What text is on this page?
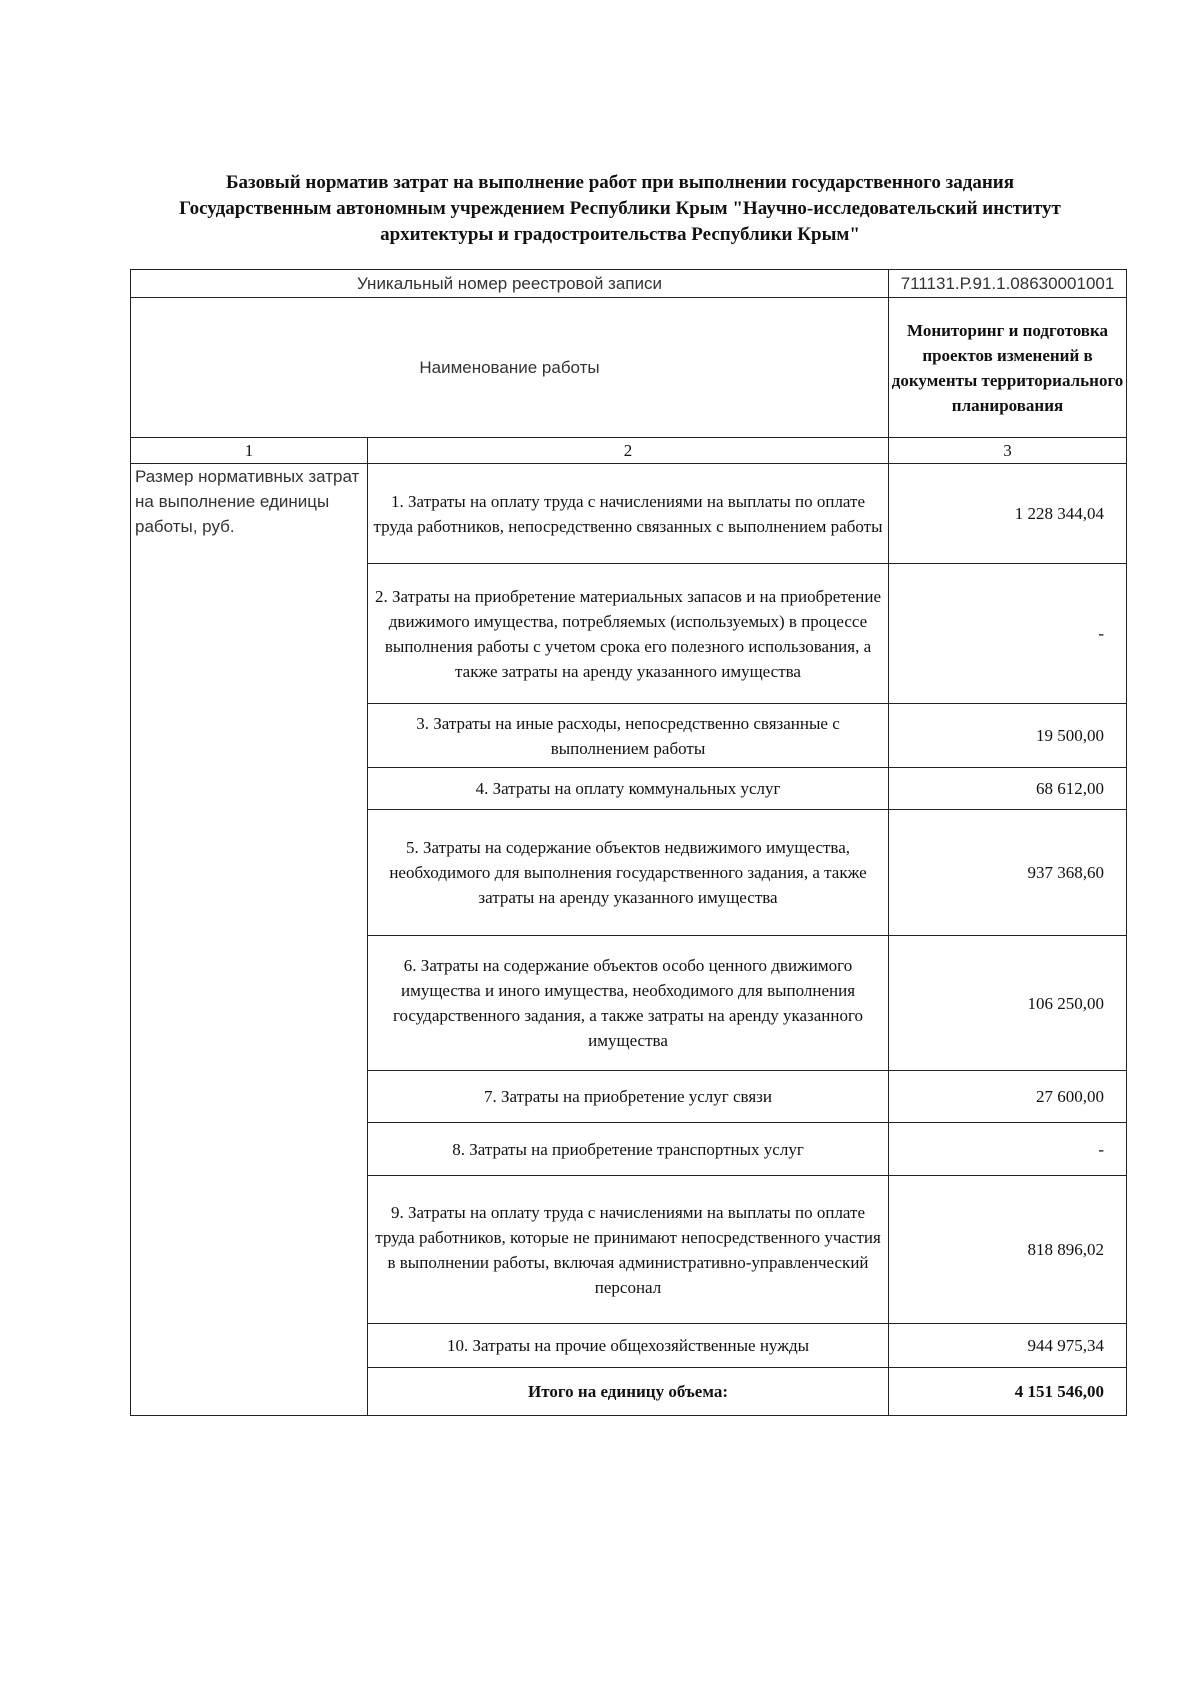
Базовый норматив затрат на выполнение работ при выполнении государственного задания
Государственным автономным учреждением Республики Крым "Научно-исследовательский институт
архитектуры и градостроительства Республики Крым"
Уникальный номер реестровой записи		711131.Р.91.1.08630001001
Наименование работы		Мониторинг и подготовка проектов изменений в документы территориального планирования
1	2	3
Размер нормативных затрат на выполнение единицы работы, руб.	1. Затраты на оплату труда с начислениями на выплаты по оплате труда работников, непосредственно связанных с выполнением работы	1 228 344,04
	2. Затраты на приобретение материальных запасов и на приобретение движимого имущества, потребляемых (используемых) в процессе выполнения работы с учетом срока его полезного использования, а также затраты на аренду указанного имущества	-
	3. Затраты на иные расходы, непосредственно связанные с выполнением работы	19 500,00
	4. Затраты на оплату коммунальных услуг	68 612,00
	5. Затраты на содержание объектов недвижимого имущества, необходимого для выполнения государственного задания, а также затраты на аренду указанного имущества	937 368,60
	6. Затраты на содержание объектов особо ценного движимого имущества и иного имущества, необходимого для выполнения государственного задания, а также затраты на аренду указанного имущества	106 250,00
	7. Затраты на приобретение услуг связи	27 600,00
	8. Затраты на приобретение транспортных услуг	-
	9. Затраты на оплату труда с начислениями на выплаты по оплате труда работников, которые не принимают непосредственного участия в выполнении работы, включая административно-управленческий персонал	818 896,02
	10. Затраты на прочие общехозяйственные нужды	944 975,34
	Итого на единицу объема:	4 151 546,00
